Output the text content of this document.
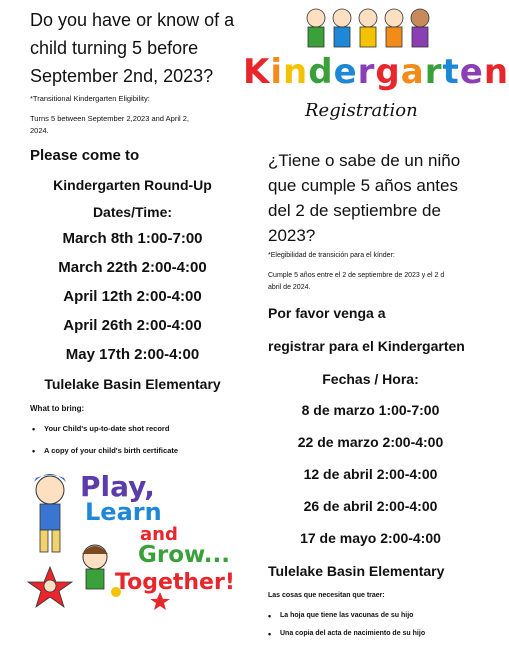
Do you have or know of a
child turning 5 before
September 2nd, 2023?
*Transitional Kindergarten Eligibility:
Turns 5 between September 2,2023 and April 2,
2024.
Please come to
Kindergarten Round-Up
Dates/Time:
March 8th 1:00-7:00
March 22th 2:00-4:00
April 12th 2:00-4:00
April 26th 2:00-4:00
May 17th 2:00-4:00
Tulelake Basin Elementary
What to bring:
• Your Child's up-to-date shot record
• A copy of your child's birth certificate
Play,
Learn
and
Grow...
Together!
Kindergarten
Registration
¿Tiene o sabe de un niño
que cumple 5 años antes
del 2 de septiembre de
2023?
*Elegibilidad de transición para el kínder:
Cumple 5 años entre el 2 de septiembre de 2023 y el 2 d
abril de 2024.
Por favor venga a
registrar para el Kindergarten
Fechas / Hora:
8 de marzo 1:00-7:00
22 de marzo 2:00-4:00
12 de abril 2:00-4:00
26 de abril 2:00-4:00
17 de mayo 2:00-4:00
Tulelake Basin Elementary
Las cosas que necesitan que traer:
• La hoja que tiene las vacunas de su hijo
• Una copia del acta de nacimiento de su hijo
